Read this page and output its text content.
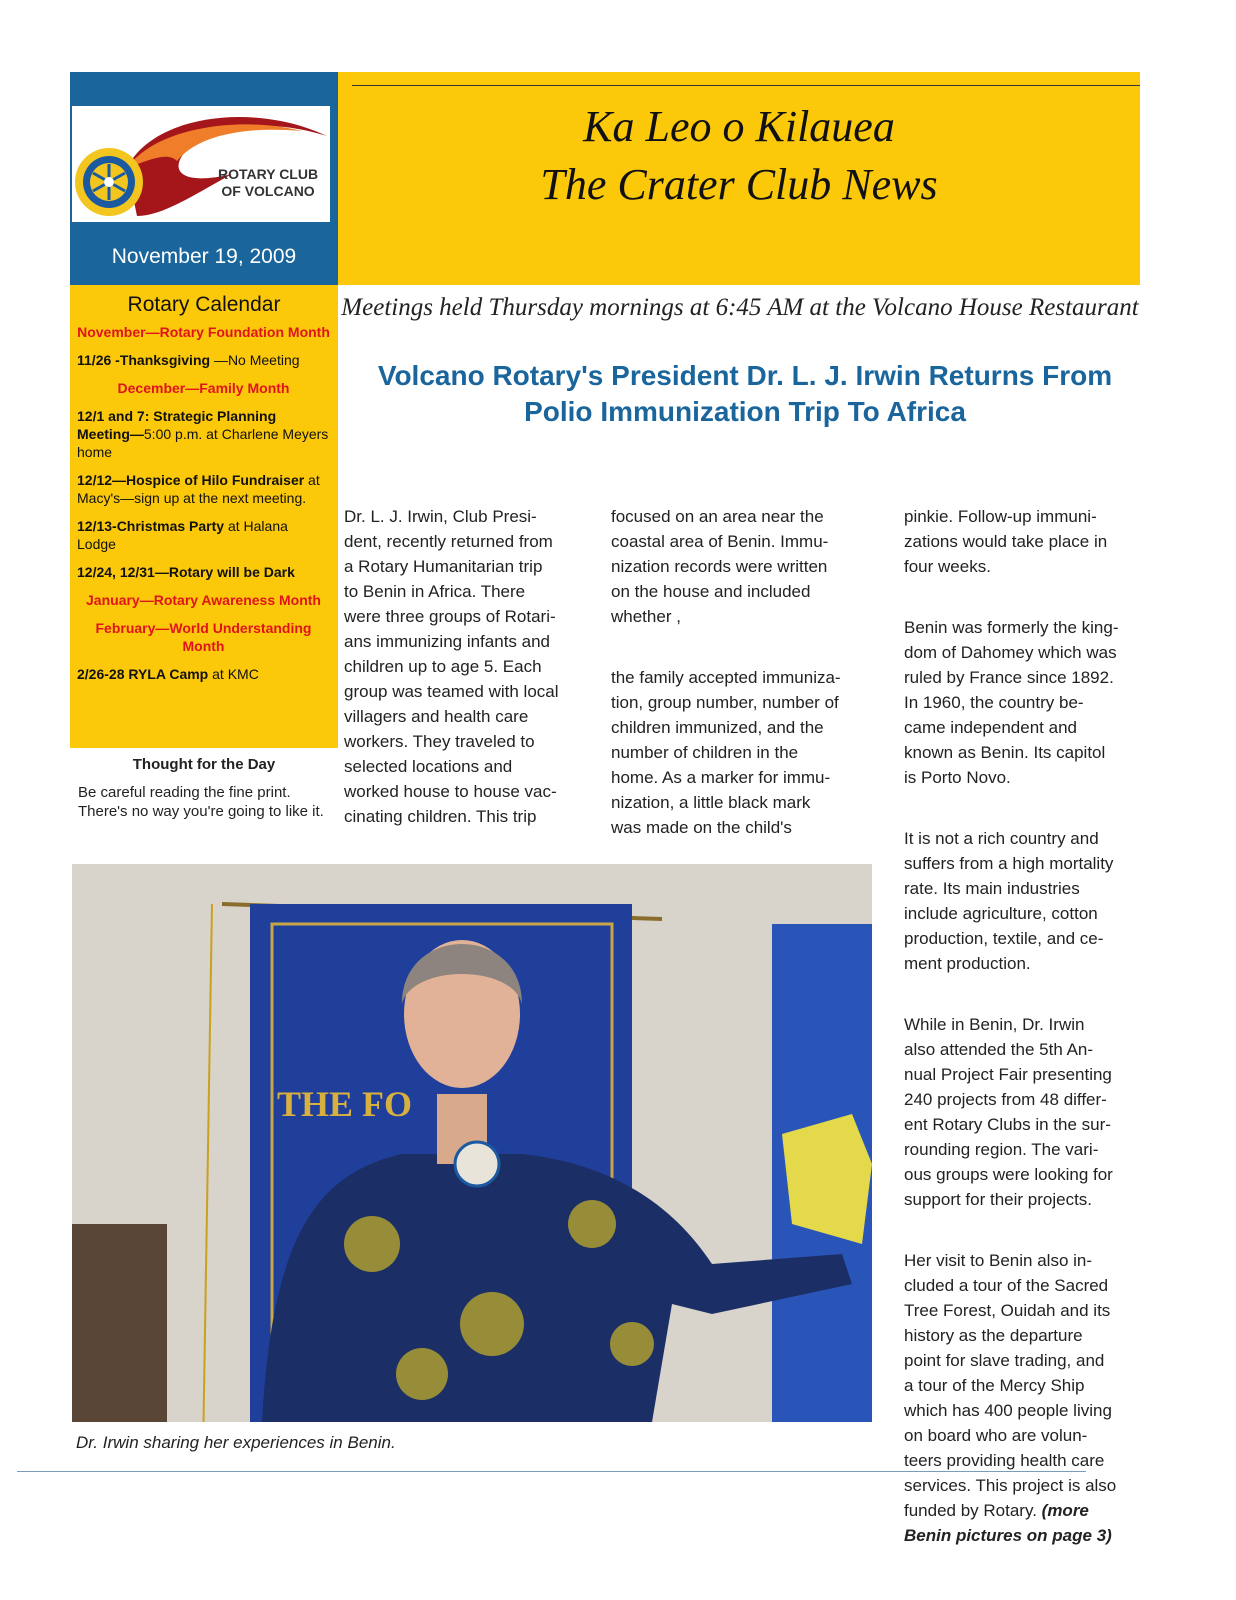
ROTARY CLUB
OF VOLCANO
November 19, 2009
Ka Leo o Kilauea
The Crater Club News
Rotary Calendar
November—Rotary Foundation Month
11/26 -Thanksgiving —No Meeting
December—Family Month
12/1 and 7: Strategic Planning Meeting—5:00 p.m. at Charlene Meyers home
12/12—Hospice of Hilo Fundraiser at Macy's—sign up at the next meeting.
12/13-Christmas Party at Halana Lodge
12/24, 12/31—Rotary will be Dark
January—Rotary Awareness Month
February—World Understanding Month
2/26-28 RYLA Camp at KMC
Thought for the Day

Be careful reading the fine print. There's no way you're going to like it.

Meetings held Thursday mornings at 6:45 AM at the Volcano House Restaurant
Volcano Rotary's President Dr. L. J. Irwin Returns From Polio Immunization Trip To Africa

Dr. L. J. Irwin, Club Presi-
dent, recently returned from
a Rotary Humanitarian trip
to Benin in Africa. There
were three groups of Rotari-
ans immunizing infants and
children up to age 5. Each
group was teamed with local
villagers and health care
workers. They traveled to
selected locations and
worked house to house vac-
cinating children. This trip

focused on an area near the
coastal area of Benin. Immu-
nization records were written
on the house and included
whether ,

the family accepted immuniza-
tion, group number, number of
children immunized, and the
number of children in the
home. As a marker for immu-
nization, a little black mark
was made on the child's

pinkie. Follow-up immuni-
zations would take place in
four weeks.

Benin was formerly the king-
dom of Dahomey which was
ruled by France since 1892.
In 1960, the country be-
came independent and
known as Benin. Its capitol
is Porto Novo.

It is not a rich country and
suffers from a high mortality
rate. Its main industries
include agriculture, cotton
production, textile, and ce-
ment production.

While in Benin, Dr. Irwin
also attended the 5th An-
nual Project Fair presenting
240 projects from 48 differ-
ent Rotary Clubs in the sur-
rounding region. The vari-
ous groups were looking for
support for their projects.

Her visit to Benin also in-
cluded a tour of the Sacred
Tree Forest, Ouidah and its
history as the departure
point for slave trading, and
a tour of the Mercy Ship
which has 400 people living
on board who are volun-
teers providing health care
services. This project is also
funded by Rotary. (more
Benin pictures on page 3)

THE FO
Dr. Irwin sharing her experiences in Benin.
